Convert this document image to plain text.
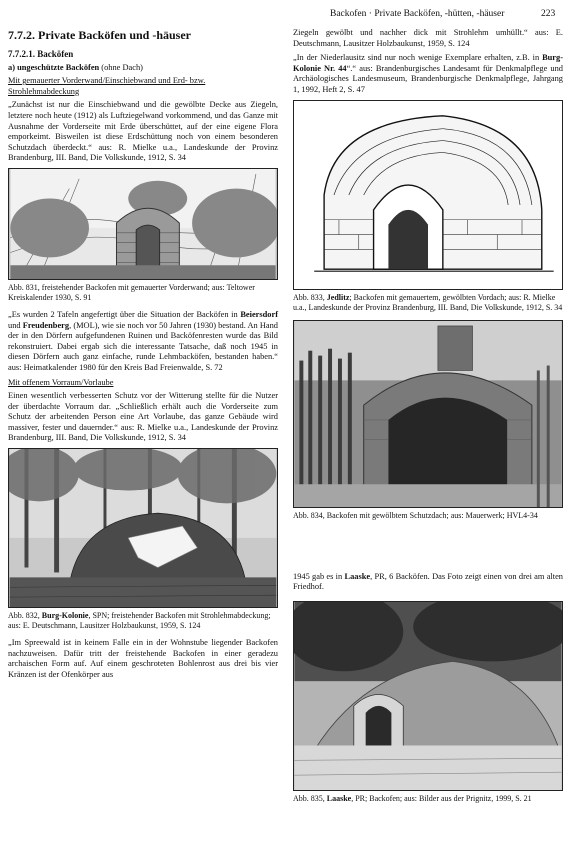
Backofen · Private Backöfen, -hütten, -häuser	223
7.7.2. Private Backöfen und -häuser
7.7.2.1. Backöfen
a) ungeschützte Backöfen (ohne Dach)
Mit gemauerter Vorderwand/Einschiebwand und Erd- bzw. Strohlehmabdeckung

„Zunächst ist nur die Einschiebwand und die gewölbte Decke aus Ziegeln, letztere noch heute (1912) als Luftziegelwand vorkommend, und das Ganze mit Ausnahme der Vorderseite mit Erde überschüttet, auf der eine eigene Flora emporkeimt. Bisweilen ist diese Erdschüttung noch von einem besonderen Schutzdach überdeckt.“ aus: R. Mielke u.a., Landeskunde der Provinz Brandenburg, III. Band, Die Volkskunde, 1912, S. 34

Abb. 831, freistehender Backofen mit gemauerter Vorderwand; aus: Teltower Kreiskalender 1930, S. 91

„Es wurden 2 Tafeln angefertigt über die Situation der Backöfen in Beiersdorf und Freudenberg, (MOL), wie sie noch vor 50 Jahren (1930) bestand. An Hand der in den Dörfern aufgefundenen Ruinen und Backöfenresten wurde das Bild rekonstruiert. Dabei ergab sich die interessante Tatsache, daß noch 1945 in diesen Dörfern auch ganz einfache, runde Lehmbacköfen, bestanden haben.“ aus: Heimatkalender 1980 für den Kreis Bad Freienwalde, S. 72

Mit offenem Vorraum/Vorlaube

Einen wesentlich verbesserten Schutz vor der Witterung stellte für die Nutzer der überdachte Vorraum dar. „Schließlich erhält auch die Vorderseite zum Schutz der arbeitenden Person eine Art Vorlaube, das ganze Gebäude wird massiver, fester und dauernder.“ aus: R. Mielke u.a., Landeskunde der Provinz Brandenburg, III. Band, Die Volkskunde, 1912, S. 34

Abb. 832, Burg-Kolonie, SPN; freistehender Backofen mit Strohlehmabdeckung; aus: E. Deutschmann, Lausitzer Holzbaukunst, 1959, S. 124

„Im Spreewald ist in keinem Falle ein in der Wohnstube liegender Backofen nachzuweisen. Dafür tritt der freistehende Backofen in einer geradezu archaischen Form auf. Auf einem geschroteten Bohlenrost aus drei bis vier Kränzen ist der Ofenkörper aus

Ziegeln gewölbt und nachher dick mit Strohlehm umhüllt.“ aus: E. Deutschmann, Lausitzer Holzbaukunst, 1959, S. 124

„In der Niederlausitz sind nur noch wenige Exemplare erhalten, z.B. in Burg-Kolonie Nr. 44“.“ aus: Brandenburgisches Landesamt für Denkmalpflege und Archäologisches Landesmuseum, Brandenburgische Denkmalpflege, Jahrgang 1, 1992, Heft 2, S. 47

Abb. 833, Jedlitz; Backofen mit gemauertem, gewölbten Vordach; aus: R. Mielke u.a., Landeskunde der Provinz Brandenburg, III. Band, Die Volkskunde, 1912, S. 34
Abb. 834, Backofen mit gewölbtem Schutzdach; aus: Mauerwerk; HVL4-34

1945 gab es in Laaske, PR, 6 Backöfen. Das Foto zeigt einen von drei am alten Friedhof.

Abb. 835, Laaske, PR; Backofen; aus: Bilder aus der Prignitz, 1999, S. 21
